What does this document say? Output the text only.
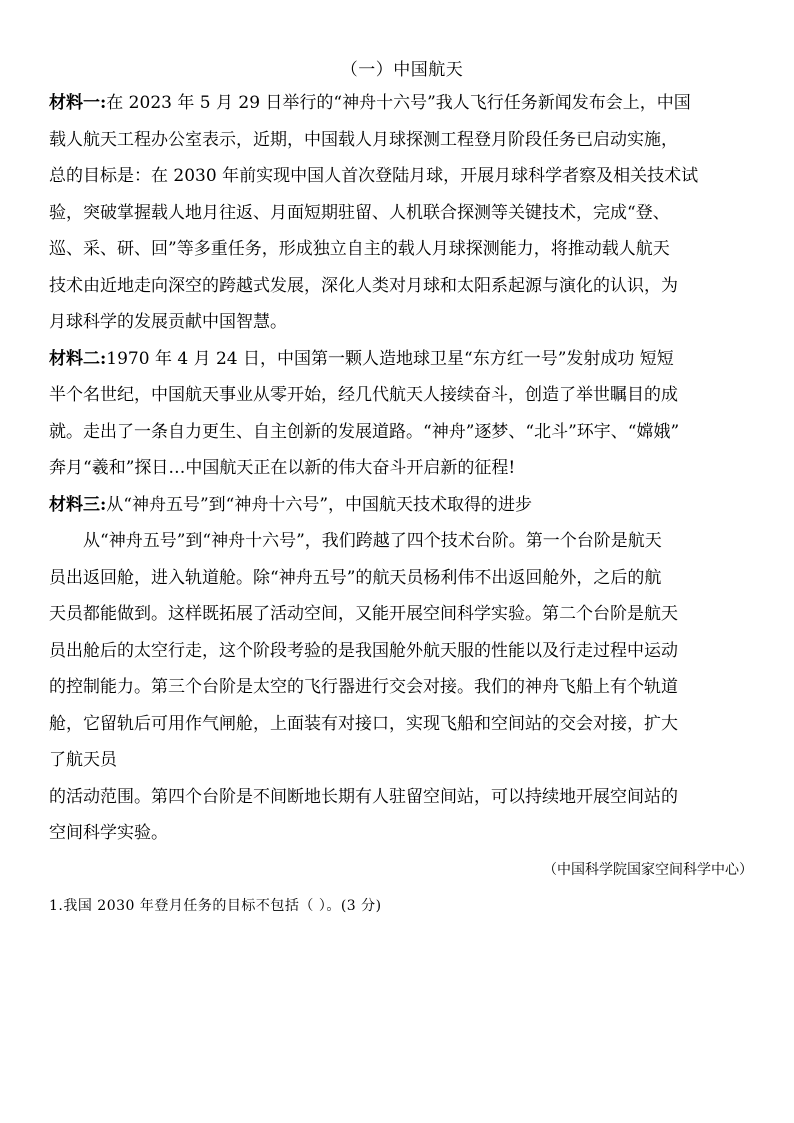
（一）中国航天

材料一:在 2023 年 5 月 29 日举行的“神舟十六号”我人飞行任务新闻发布会上，中国
载人航天工程办公室表示，近期，中国载人月球探测工程登月阶段任务已启动实施，
总的目标是：在 2030 年前实现中国人首次登陆月球，开展月球科学者察及相关技术试
验，突破掌握载人地月往返、月面短期驻留、人机联合探测等关键技术，完成“登、
巡、采、研、回”等多重任务，形成独立自主的载人月球探测能力，将推动载人航天
技术由近地走向深空的跨越式发展，深化人类对月球和太阳系起源与演化的认识，为
月球科学的发展贡献中国智慧。

材料二:1970 年 4 月 24 日，中国第一颗人造地球卫星“东方红一号”发射成功 短短
半个名世纪，中国航天事业从零开始，经几代航天人接续奋斗，创造了举世瞩目的成
就。走出了一条自力更生、自主创新的发展道路。“神舟”逐梦、“北斗”环宇、“嫦娥”
奔月“羲和”探日…中国航天正在以新的伟大奋斗开启新的征程!

材料三:从“神舟五号”到“神舟十六号”，中国航天技术取得的进步
从“神舟五号”到“神舟十六号”，我们跨越了四个技术台阶。第一个台阶是航天
员出返回舱，进入轨道舱。除“神舟五号”的航天员杨利伟不出返回舱外，之后的航
天员都能做到。这样既拓展了活动空间，又能开展空间科学实验。第二个台阶是航天
员出舱后的太空行走，这个阶段考验的是我国舱外航天服的性能以及行走过程中运动
的控制能力。第三个台阶是太空的飞行器进行交会对接。我们的神舟飞船上有个轨道
舱，它留轨后可用作气闸舱，上面装有对接口，实现飞船和空间站的交会对接，扩大
了航天员
的活动范围。第四个台阶是不间断地长期有人驻留空间站，可以持续地开展空间站的
空间科学实验。

（中国科学院国家空间科学中心）

1.我国 2030 年登月任务的目标不包括（ ）。(3 分)
